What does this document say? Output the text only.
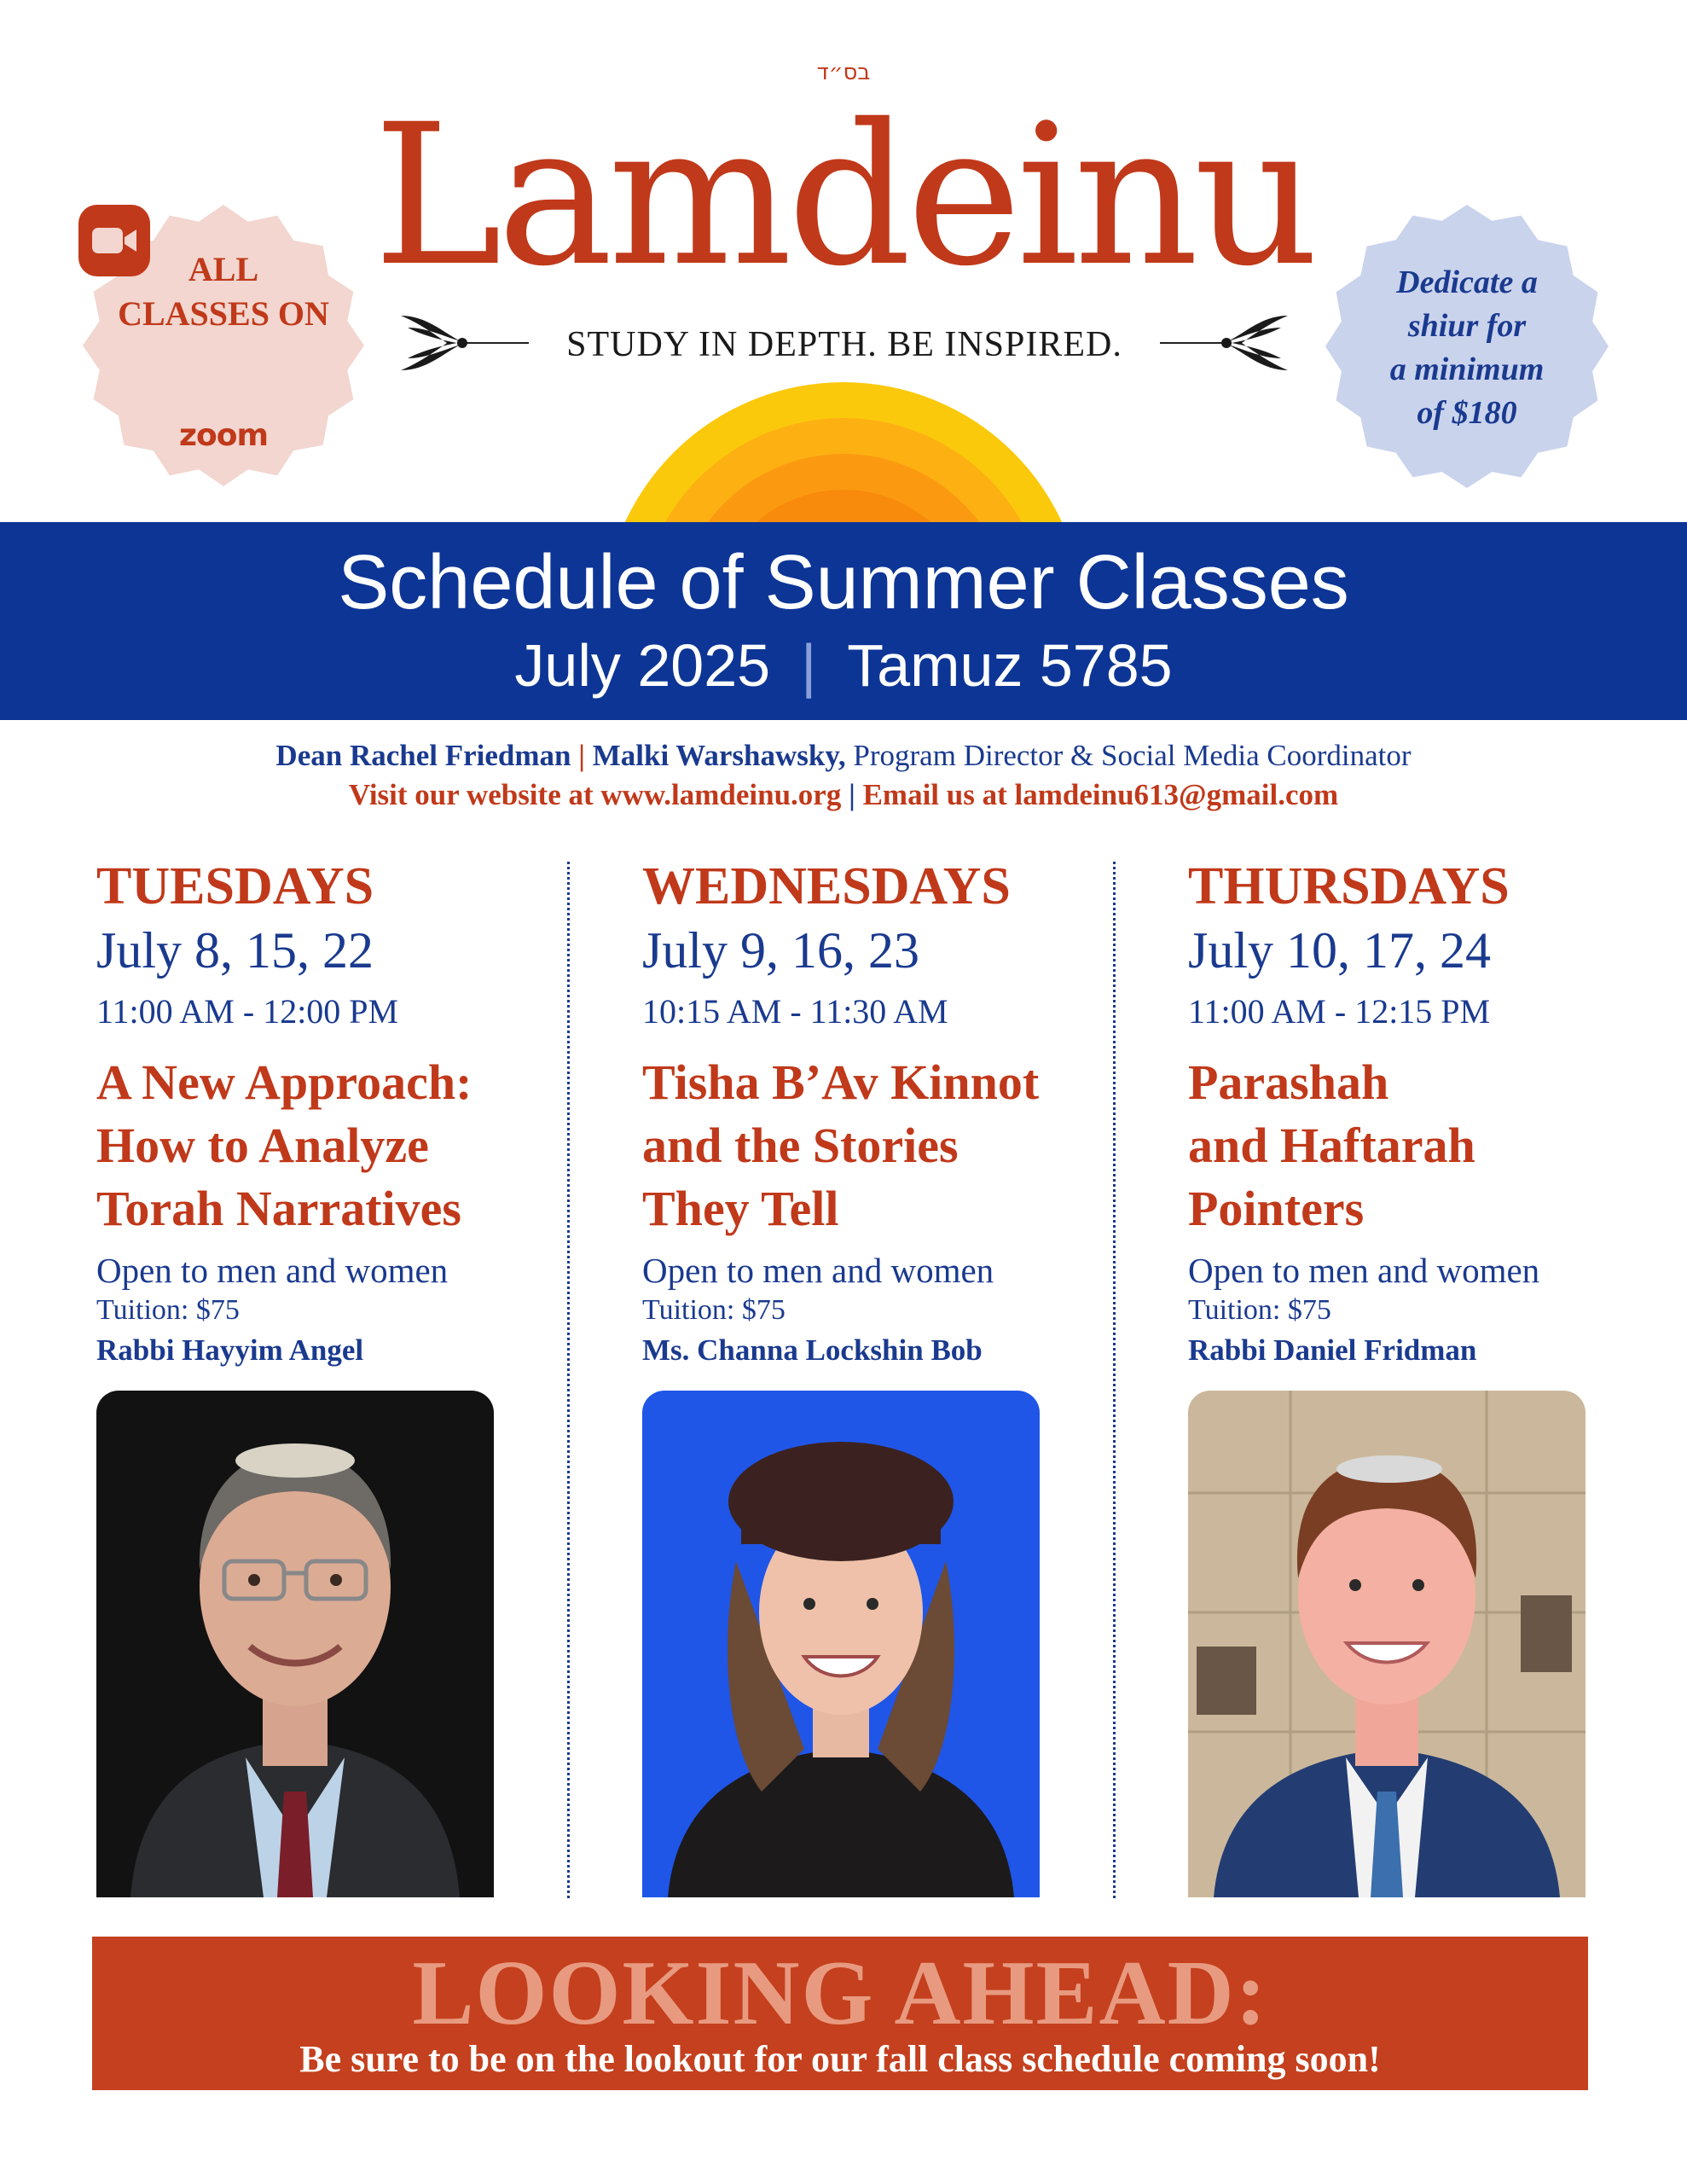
בס״ד
Lamdeinu
STUDY IN DEPTH. BE INSPIRED.
ALL
CLASSES ON
zoom
Dedicate a
shiur for
a minimum
of $180
Schedule of Summer Classes
July 2025 | Tamuz 5785
Dean Rachel Friedman | Malki Warshawsky, Program Director & Social Media Coordinator
Visit our website at www.lamdeinu.org | Email us at lamdeinu613@gmail.com
TUESDAYS
July 8, 15, 22
11:00 AM - 12:00 PM
A New Approach:
How to Analyze
Torah Narratives
Open to men and women
Tuition: $75
Rabbi Hayyim Angel
WEDNESDAYS
July 9, 16, 23
10:15 AM - 11:30 AM
Tisha B’Av Kinnot
and the Stories
They Tell
Open to men and women
Tuition: $75
Ms. Channa Lockshin Bob
THURSDAYS
July 10, 17, 24
11:00 AM - 12:15 PM
Parashah
and Haftarah
Pointers
Open to men and women
Tuition: $75
Rabbi Daniel Fridman
LOOKING AHEAD:
Be sure to be on the lookout for our fall class schedule coming soon!
